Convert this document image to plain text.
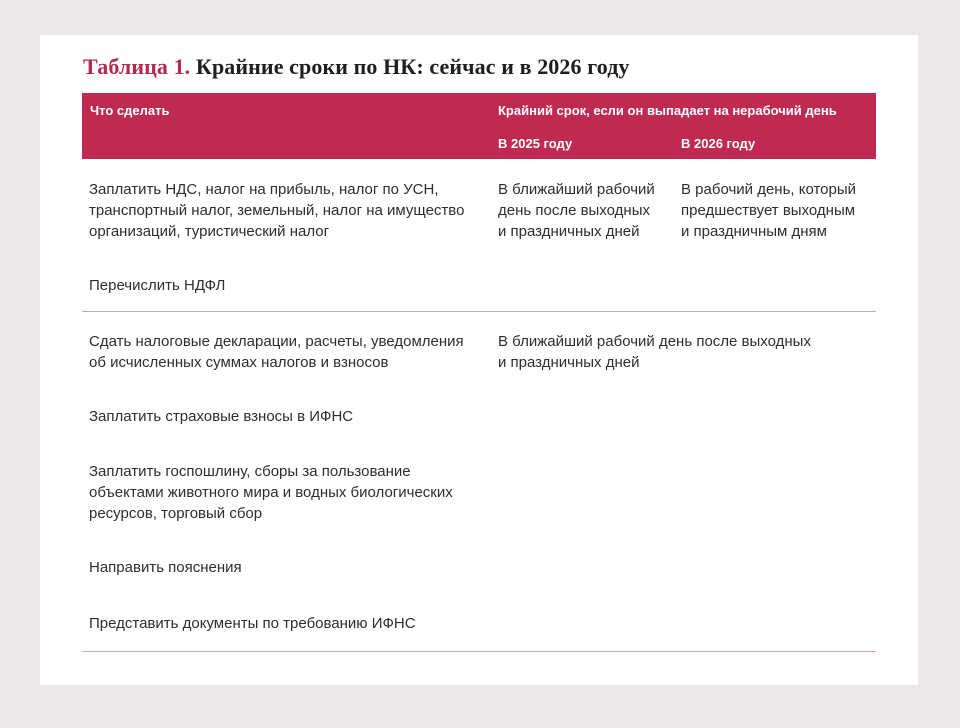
Таблица 1. Крайние сроки по НК: сейчас и в 2026 году
Что сделать	Крайний срок, если он выпадает на нерабочий день
В 2025 году	В 2026 году
Заплатить НДС, налог на прибыль, налог по УСН,
транспортный налог, земельный, налог на имущество
организаций, туристический налог
В ближайший рабочий
день после выходных
и праздничных дней
В рабочий день, который
предшествует выходным
и праздничным дням
Перечислить НДФЛ
Сдать налоговые декларации, расчеты, уведомления
об исчисленных суммах налогов и взносов
В ближайший рабочий день после выходных
и праздничных дней
Заплатить страховые взносы в ИФНС
Заплатить госпошлину, сборы за пользование
объектами животного мира и водных биологических
ресурсов, торговый сбор
Направить пояснения
Представить документы по требованию ИФНС
